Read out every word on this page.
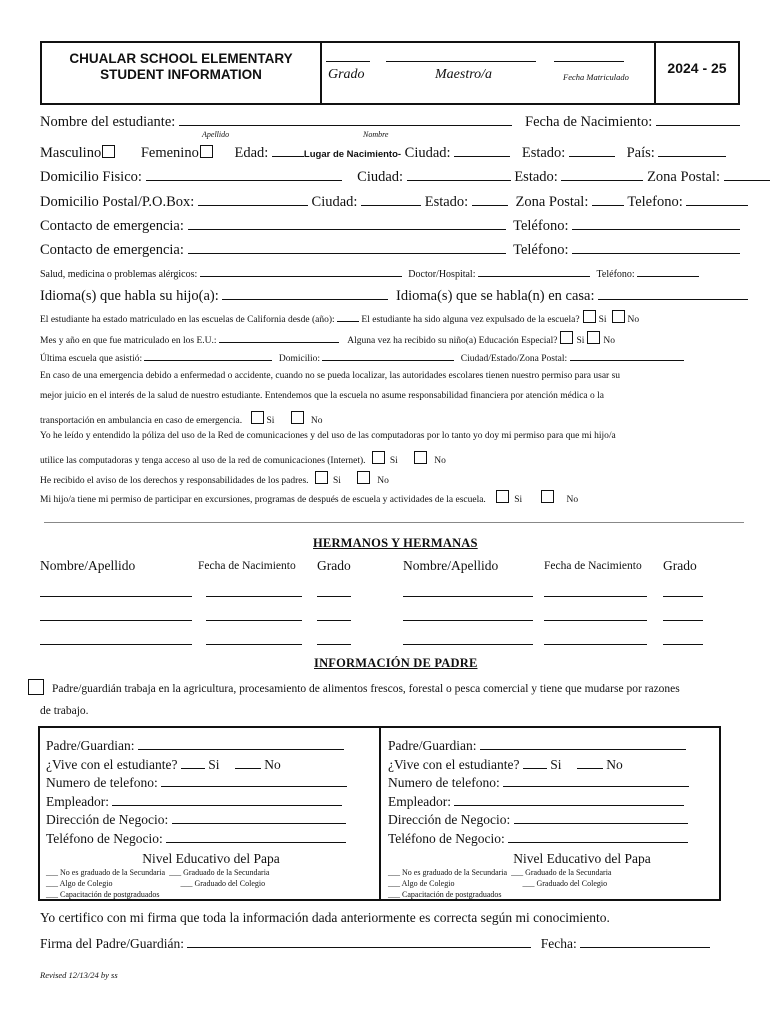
CHUALAR SCHOOL ELEMENTARY
STUDENT INFORMATION	Grado	Maestro/a	Fecha Matriculado
2024 - 25
Nombre del estudiante:	Fecha de Nacimiento:
Apellido	Nombre
Masculino	Femenino Edad:	Lugar de Nacimiento- Ciudad:	Estado:	País:
Domicilio Fisico:	Ciudad:	Estado:	Zona Postal:
Domicilio Postal/P.O.Box:	Ciudad:	Estado:	Zona Postal:	Telefono:
Contacto de emergencia:	Teléfono:
Contacto de emergencia:	Teléfono:
Salud, medicina o problemas alérgicos:	Doctor/Hospital:	Teléfono:
Idioma(s) que habla su hijo(a):	Idioma(s) que se habla(n) en casa:
El estudiante ha estado matriculado en las escuelas de California desde (año):	El estudiante ha sido alguna vez expulsado de la escuela? Si No
Mes y año en que fue matriculado en los E.U.:	Alguna vez ha recibido su niño(a) Educación Especial? Si No
Última escuela que asistió:	Domicilio:	Ciudad/Estado/Zona Postal:
En caso de una emergencia debido a enfermedad o accidente, cuando no se pueda localizar, las autoridades escolares tienen nuestro permiso para usar su
mejor juicio en el interés de la salud de nuestro estudiante. Entendemos que la escuela no asume responsabilidad financiera por atención médica o la
transportación en ambulancia en caso de emergencia.	Si	No
Yo he leído y entendido la póliza del uso de la Red de comunicaciones y del uso de las computadoras por lo tanto yo doy mi permiso para que mi hijo/a
utilice las computadoras y tenga acceso al uso de la red de comunicaciones (Internet).	Si	No
He recibido el aviso de los derechos y responsabilidades de los padres.	Si	No
Mi hijo/a tiene mi permiso de participar en excursiones, programas de después de escuela y actividades de la escuela.	Si	No
HERMANOS Y HERMANAS
Nombre/Apellido	Fecha de Nacimiento Grado	Nombre/Apellido	Fecha de Nacimiento Grado
INFORMACIÓN DE PADRE
Padre/guardián trabaja en la agricultura, procesamiento de alimentos frescos, forestal o pesca comercial y tiene que mudarse por razones
de trabajo.
Padre/Guardian:
¿Vive con el estudiante? Si	No
Numero de telefono:
Empleador:
Dirección de Negocio:
Teléfono de Negocio:
Nivel Educativo del Papa
___ No es graduado de la Secundaria ___ Graduado de la Secundaria
___ Algo de Colegio	___ Graduado del Colegio
___ Capacitación de postgraduados
Padre/Guardian:
¿Vive con el estudiante? Si	No
Numero de telefono:
Empleador:
Dirección de Negocio:
Teléfono de Negocio:
Nivel Educativo del Papa
___ No es graduado de la Secundaria ___ Graduado de la Secundaria
___ Algo de Colegio	___ Graduado del Colegio
___ Capacitación de postgraduados
Yo certifico con mi firma que toda la información dada anteriormente es correcta según mi conocimiento.
Firma del Padre/Guardián:	Fecha:
Revised 12/13/24 by ss
